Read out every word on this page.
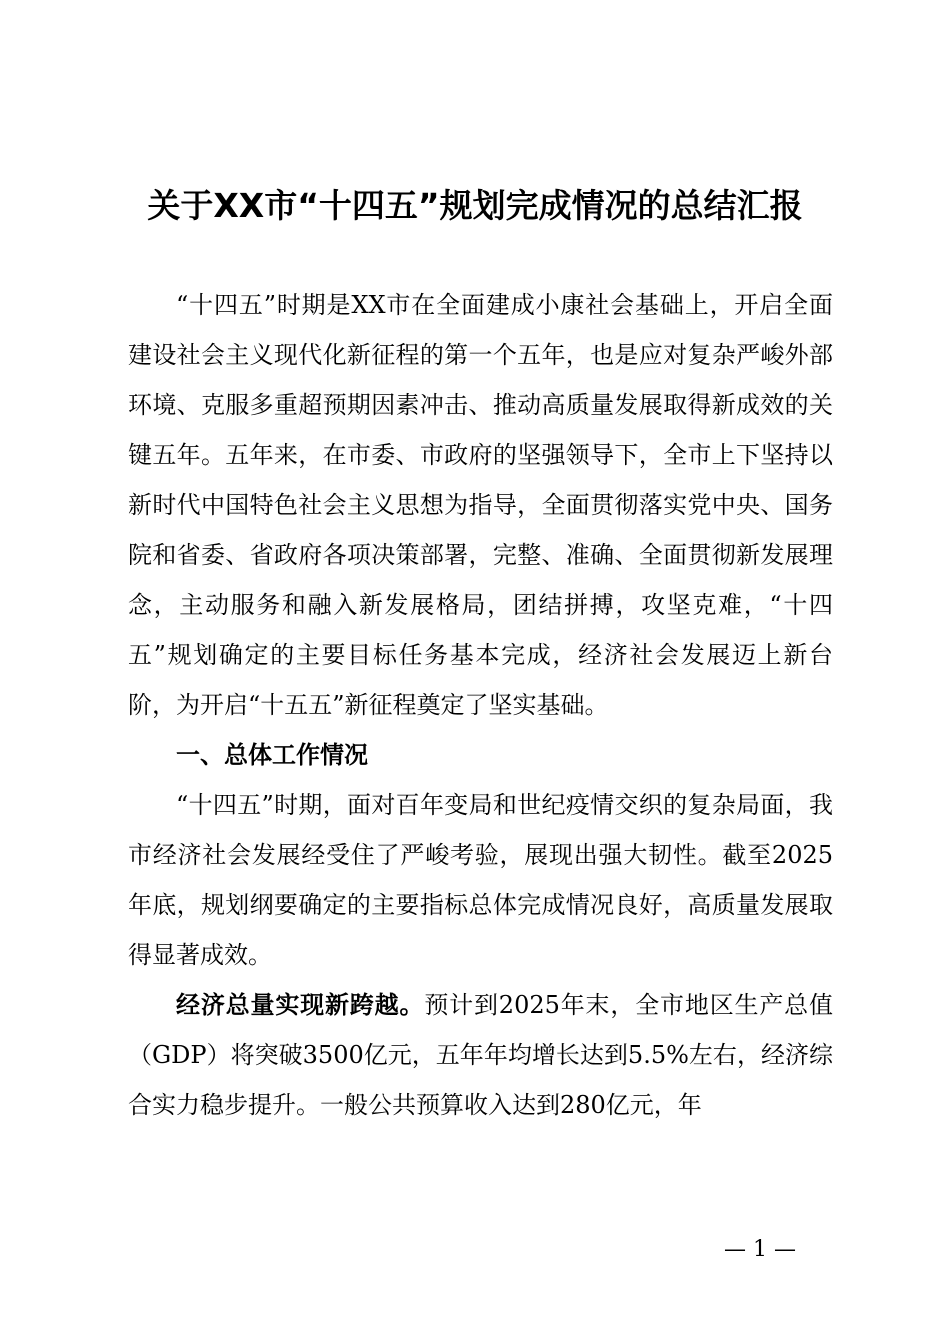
关于XX市“十四五”规划完成情况的总结汇报

“十四五”时期是XX市在全面建成小康社会基础上，开启全面建设社会主义现代化新征程的第一个五年，也是应对复杂严峻外部环境、克服多重超预期因素冲击、推动高质量发展取得新成效的关键五年。五年来，在市委、市政府的坚强领导下，全市上下坚持以新时代中国特色社会主义思想为指导，全面贯彻落实党中央、国务院和省委、省政府各项决策部署，完整、准确、全面贯彻新发展理念，主动服务和融入新发展格局，团结拼搏，攻坚克难，“十四五”规划确定的主要目标任务基本完成，经济社会发展迈上新台阶，为开启“十五五”新征程奠定了坚实基础。

一、总体工作情况

“十四五”时期，面对百年变局和世纪疫情交织的复杂局面，我市经济社会发展经受住了严峻考验，展现出强大韧性。截至2025年底，规划纲要确定的主要指标总体完成情况良好，高质量发展取得显著成效。

经济总量实现新跨越。预计到2025年末，全市地区生产总值（GDP）将突破3500亿元，五年年均增长达到5.5%左右，经济综合实力稳步提升。一般公共预算收入达到280亿元，年

— 1 —
